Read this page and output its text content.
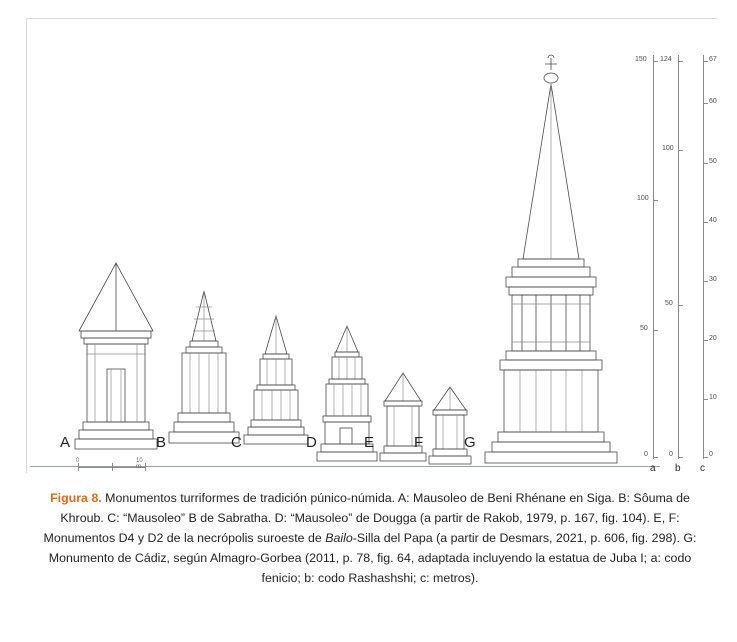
A	B	C	D	E	F	G
0	10 m
150
100
50
0
a
124
100
50
0
b
67
60
50
40
30
20
10
0
c
Figura 8. Monumentos turriformes de tradición púnico-númida. A: Mausoleo de Beni Rhénane en Siga. B: Sôuma de Khroub. C: “Mausoleo” B de Sabratha. D: “Mausoleo” de Dougga (a partir de Rakob, 1979, p. 167, fig. 104). E, F: Monumentos D4 y D2 de la necrópolis suroeste de Bailo-Silla del Papa (a partir de Desmars, 2021, p. 606, fig. 298). G: Monumento de Cádiz, según Almagro-Gorbea (2011, p. 78, fig. 64, adaptada incluyendo la estatua de Juba I; a: codo fenicio; b: codo Rashashshi; c: metros).
